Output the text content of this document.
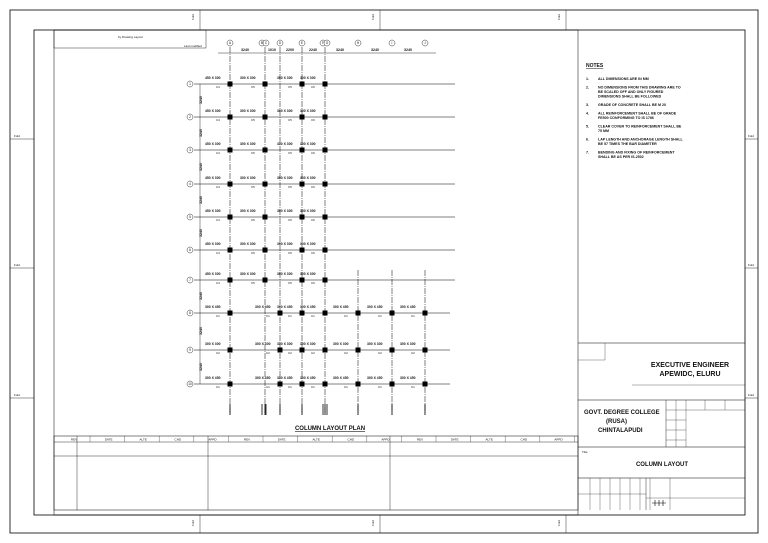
Fold	Fold	Fold
Fold	Fold	Fold
Fold
Fold
Fold
Fold
Fold
Fold
by Drawing Layout
Last modified
3240	1010	2200	2240	3240	3240	3240
A	B C	D	E	F G	H	I	J
3240
3240
3240
3240
3240
3240
3240
3240
1
450 X 300
C4
300 X 300
C5
300 X 300
C5
300 X 300
C6
2
450 X 300
C4
300 X 300
C5
300 X 300
C5
300 X 300
C6
3
450 X 300
C4
300 X 300
C5
300 X 300
C5
300 X 300
C6
4
450 X 300
C4
300 X 300
C5
300 X 300
C5
300 X 300
C6
5
450 X 300
C4
300 X 300
C5
300 X 300
C5
300 X 300
C6
6
450 X 300
C4
300 X 300
C5
300 X 300
C5
300 X 300
C6
7
450 X 300
C4
300 X 300
C5
300 X 300
C5
300 X 300
C6
8
300 X 450
C1
300 X 450
C1
300 X 450
C1
300 X 450
C1
300 X 450
C1
300 X 450
C1
300 X 450
C1
9
300 X 300
C2
300 X 300
C2
300 X 300
C2
300 X 300
C2
300 X 300
C2
300 X 300
C2
300 X 300
C2
10
300 X 450
C1
300 X 450
C1
300 X 450
C1
300 X 450
C1
300 X 450
C1
300 X 450
C1
300 X 450
C1
COLUMN LAYOUT PLAN
REV	DATE	ALTE	CHD	APPD	REV	DATE	ALTE	CHD	APPD	REV	DATE	ALTE	CHD	APPD
NOTES
1.	ALL DIMENSIONS ARE IN MM
2.	NO DIMENSIONS FROM THIS DRAWING ARE TO BE SCALED OFF AND ONLY FIGURED DIMENSIONS SHALL BE FOLLOWED
3.	GRADE OF CONCRETE SHALL BE M 20
4.	ALL REINFORCEMENT SHALL BE OF GRADE FE500 CONFORMING TO IS 1786
5.	CLEAR COVER TO REINFORCEMENT SHALL BE 75 MM
6.	LAP LENGTH AND ANCHORAGE LENGTH SHALL BE 57 TIMES THE BAR DIAMETER
7.	BENDING AND FIXING OF REINFORCEMENT SHALL BE AS PER IS-2502
EXECUTIVE ENGINEER
APEWIDC, ELURU
GOVT. DEGREE COLLEGE
(RUSA)
CHINTALAPUDI
Title
COLUMN LAYOUT
